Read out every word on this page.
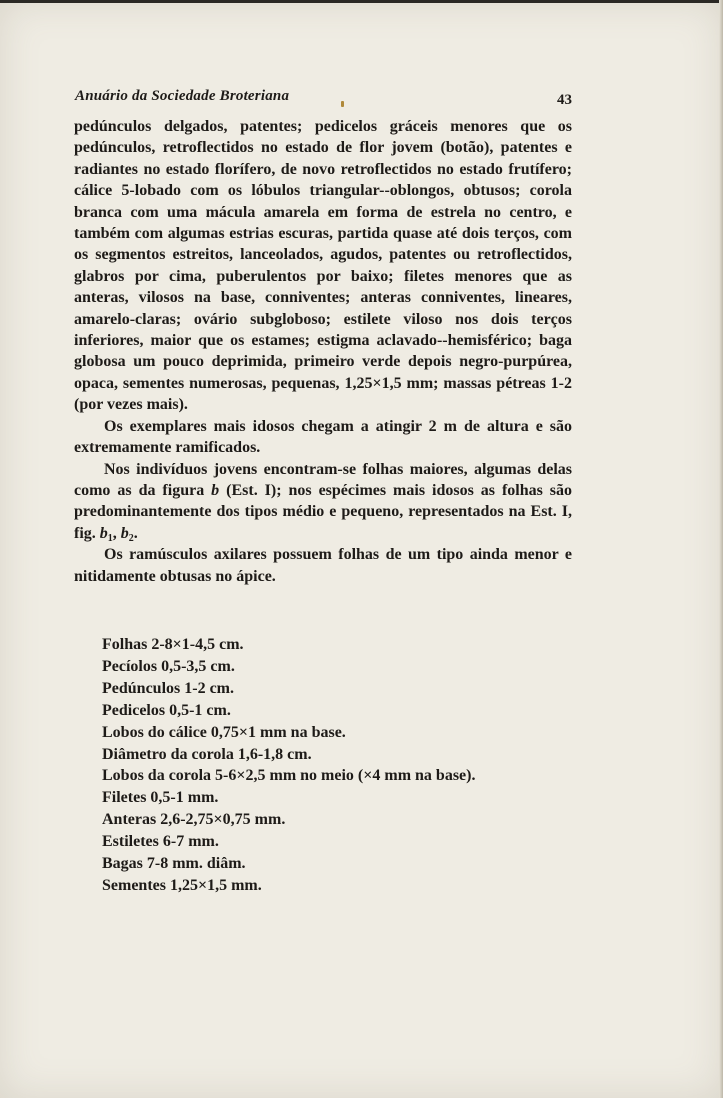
Anuário da Sociedade Broteriana	43

pedúnculos delgados, patentes; pedicelos gráceis menores que os pedúnculos, retroflectidos no estado de flor jovem (botão), patentes e radiantes no estado florífero, de novo retroflectidos no estado frutífero; cálice 5-lobado com os lóbulos triangular--oblongos, obtusos; corola branca com uma mácula amarela em forma de estrela no centro, e também com algumas estrias escuras, partida quase até dois terços, com os segmentos estreitos, lanceolados, agudos, patentes ou retroflectidos, glabros por cima, puberulentos por baixo; filetes menores que as anteras, vilosos na base, conniventes; anteras conniventes, lineares, amarelo-claras; ovário subgloboso; estilete viloso nos dois terços inferiores, maior que os estames; estigma aclavado--hemisférico; baga globosa um pouco deprimida, primeiro verde depois negro-purpúrea, opaca, sementes numerosas, pequenas, 1,25×1,5 mm; massas pétreas 1-2 (por vezes mais).

Os exemplares mais idosos chegam a atingir 2 m de altura e são extremamente ramificados.

Nos indivíduos jovens encontram-se folhas maiores, algumas delas como as da figura b (Est. I); nos espécimes mais idosos as folhas são predominantemente dos tipos médio e pequeno, representados na Est. I, fig. $b_1$, $b_2$.

Os ramúsculos axilares possuem folhas de um tipo ainda menor e nitidamente obtusas no ápice.

Folhas 2-8×1-4,5 cm.
Pecíolos 0,5-3,5 cm.
Pedúnculos 1-2 cm.
Pedicelos 0,5-1 cm.
Lobos do cálice 0,75×1 mm na base.
Diâmetro da corola 1,6-1,8 cm.
Lobos da corola 5-6×2,5 mm no meio (×4 mm na base).
Filetes 0,5-1 mm.
Anteras 2,6-2,75×0,75 mm.
Estiletes 6-7 mm.
Bagas 7-8 mm. diâm.
Sementes 1,25×1,5 mm.
